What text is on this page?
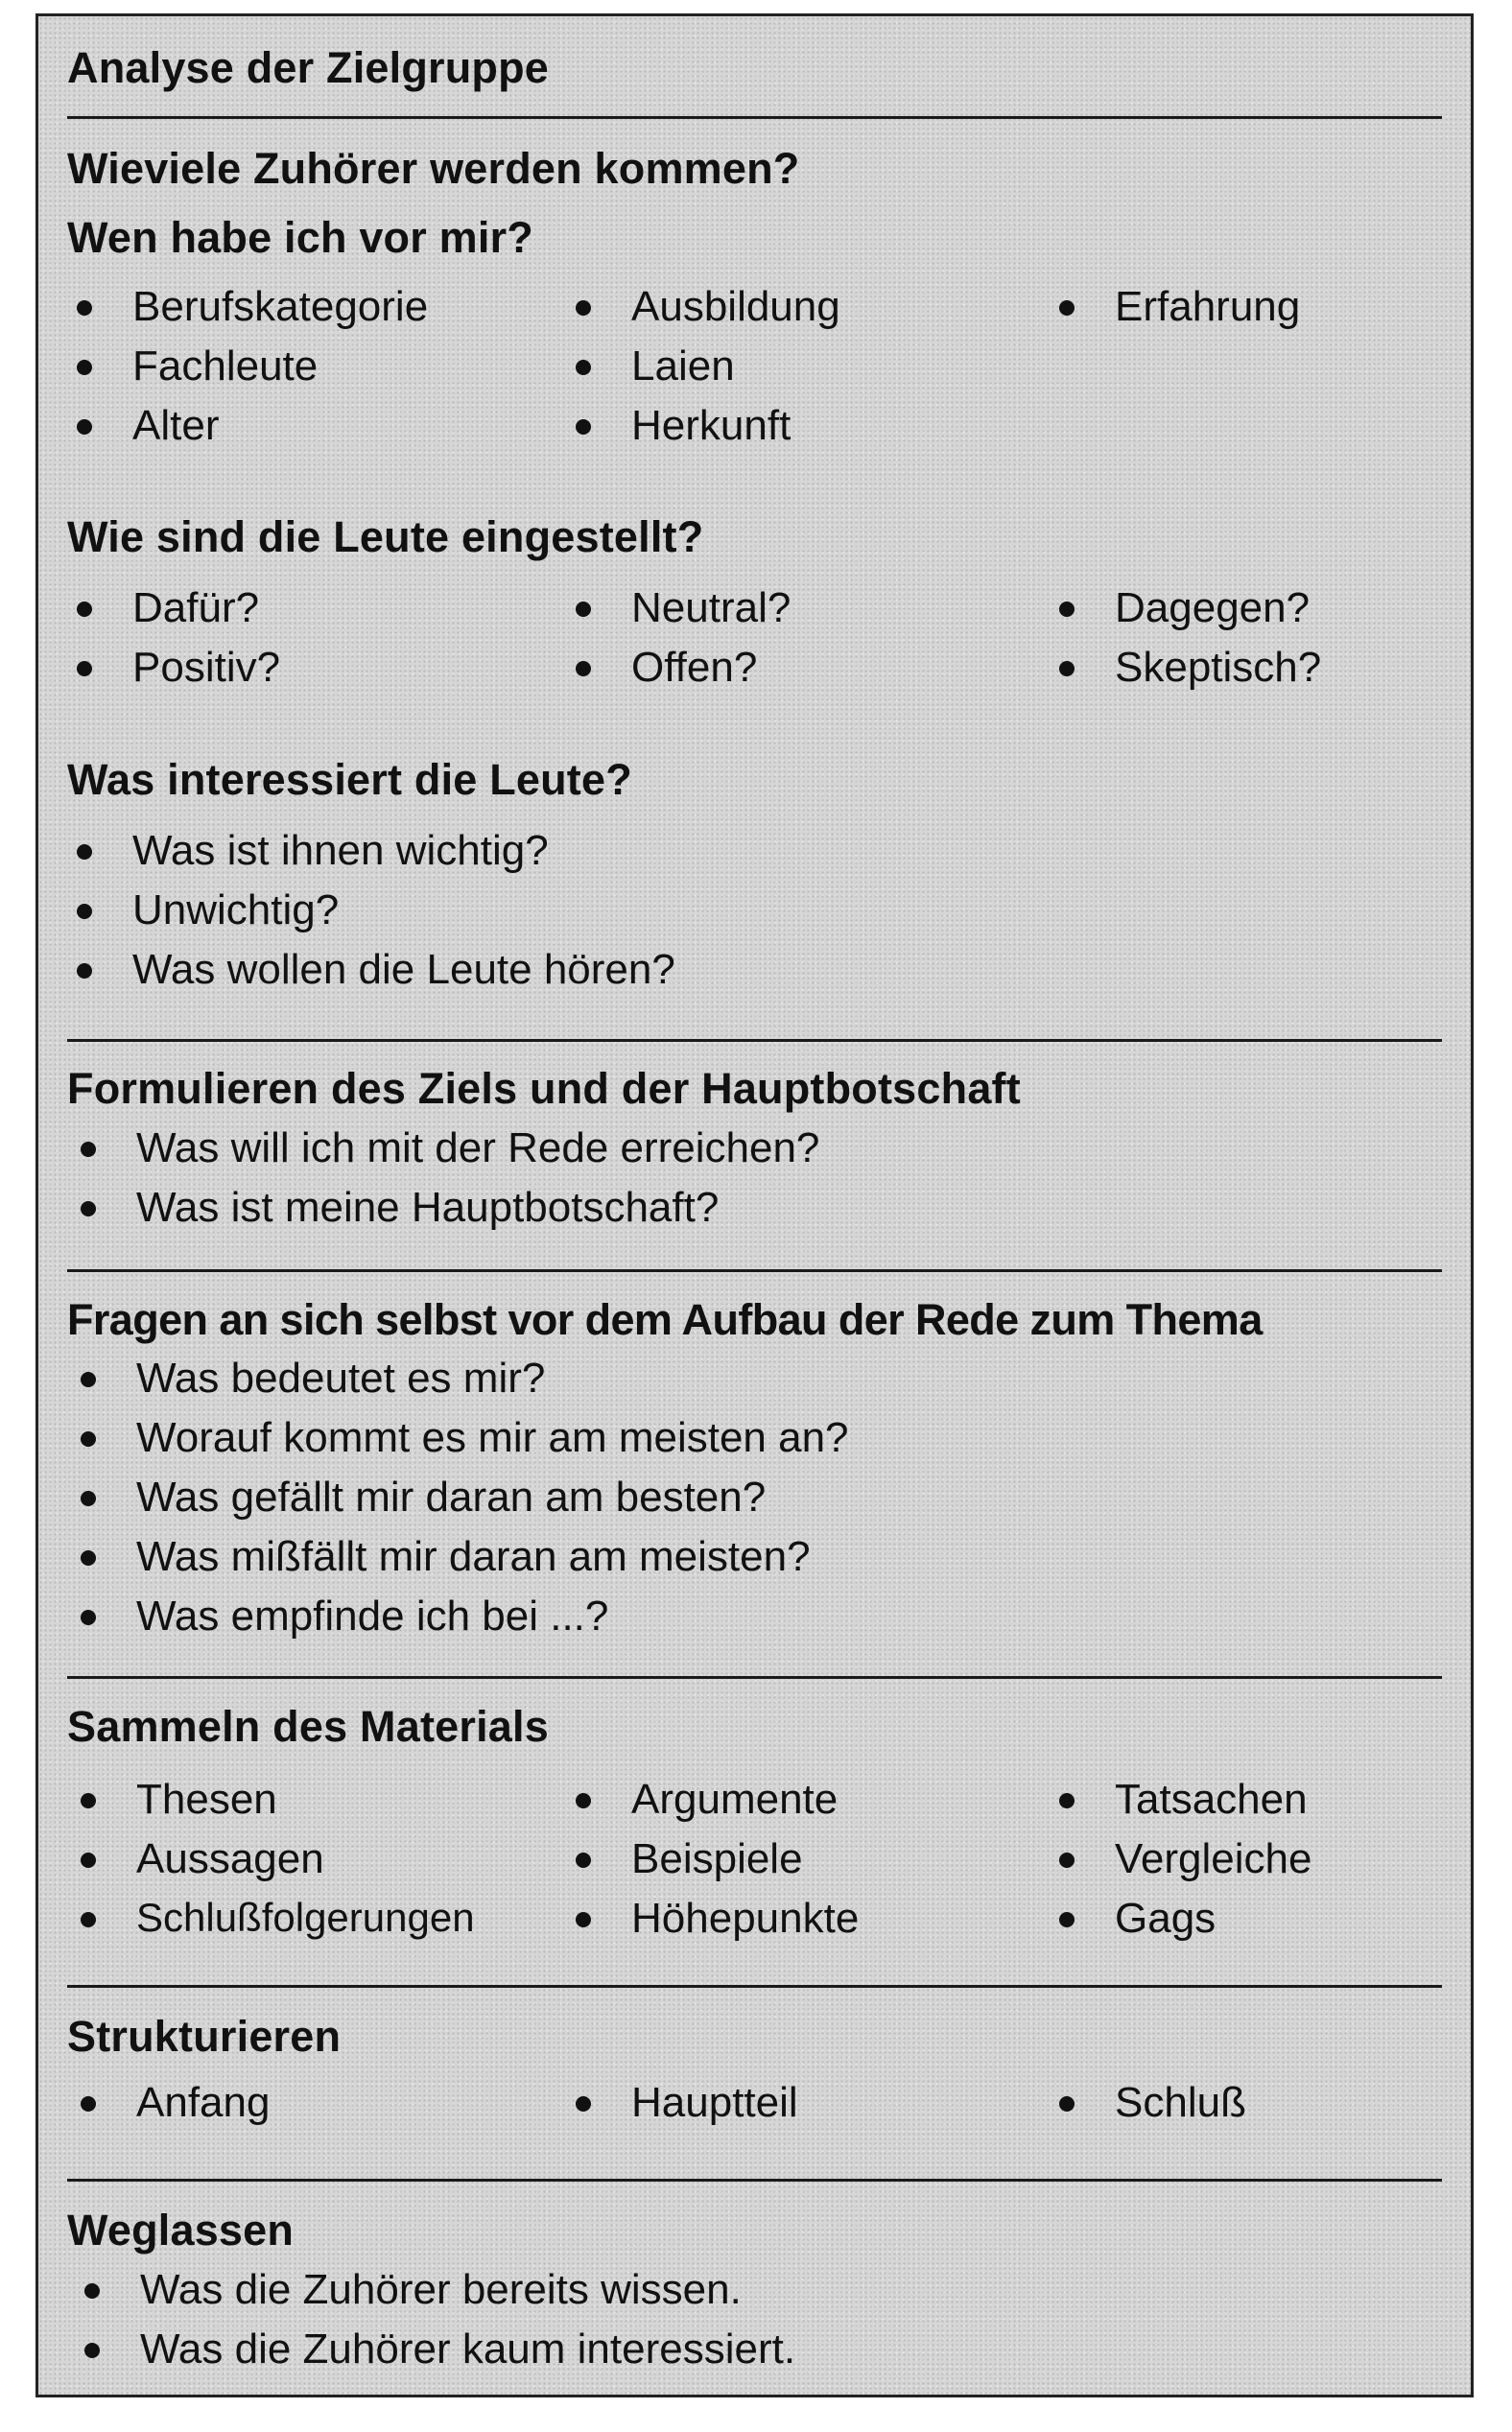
Analyse der Zielgruppe
Wieviele Zuhörer werden kommen?
Wen habe ich vor mir?
Berufskategorie	Ausbildung	Erfahrung
Fachleute	Laien
Alter	Herkunft
Wie sind die Leute eingestellt?
Dafür?	Neutral?	Dagegen?
Positiv?	Offen?	Skeptisch?
Was interessiert die Leute?
Was ist ihnen wichtig?
Unwichtig?
Was wollen die Leute hören?
Formulieren des Ziels und der Hauptbotschaft
Was will ich mit der Rede erreichen?
Was ist meine Hauptbotschaft?
Fragen an sich selbst vor dem Aufbau der Rede zum Thema
Was bedeutet es mir?
Worauf kommt es mir am meisten an?
Was gefällt mir daran am besten?
Was mißfällt mir daran am meisten?
Was empfinde ich bei ...?
Sammeln des Materials
Thesen	Argumente	Tatsachen
Aussagen	Beispiele	Vergleiche
Schlußfolgerungen	Höhepunkte	Gags
Strukturieren
Anfang	Hauptteil	Schluß
Weglassen
Was die Zuhörer bereits wissen.
Was die Zuhörer kaum interessiert.
